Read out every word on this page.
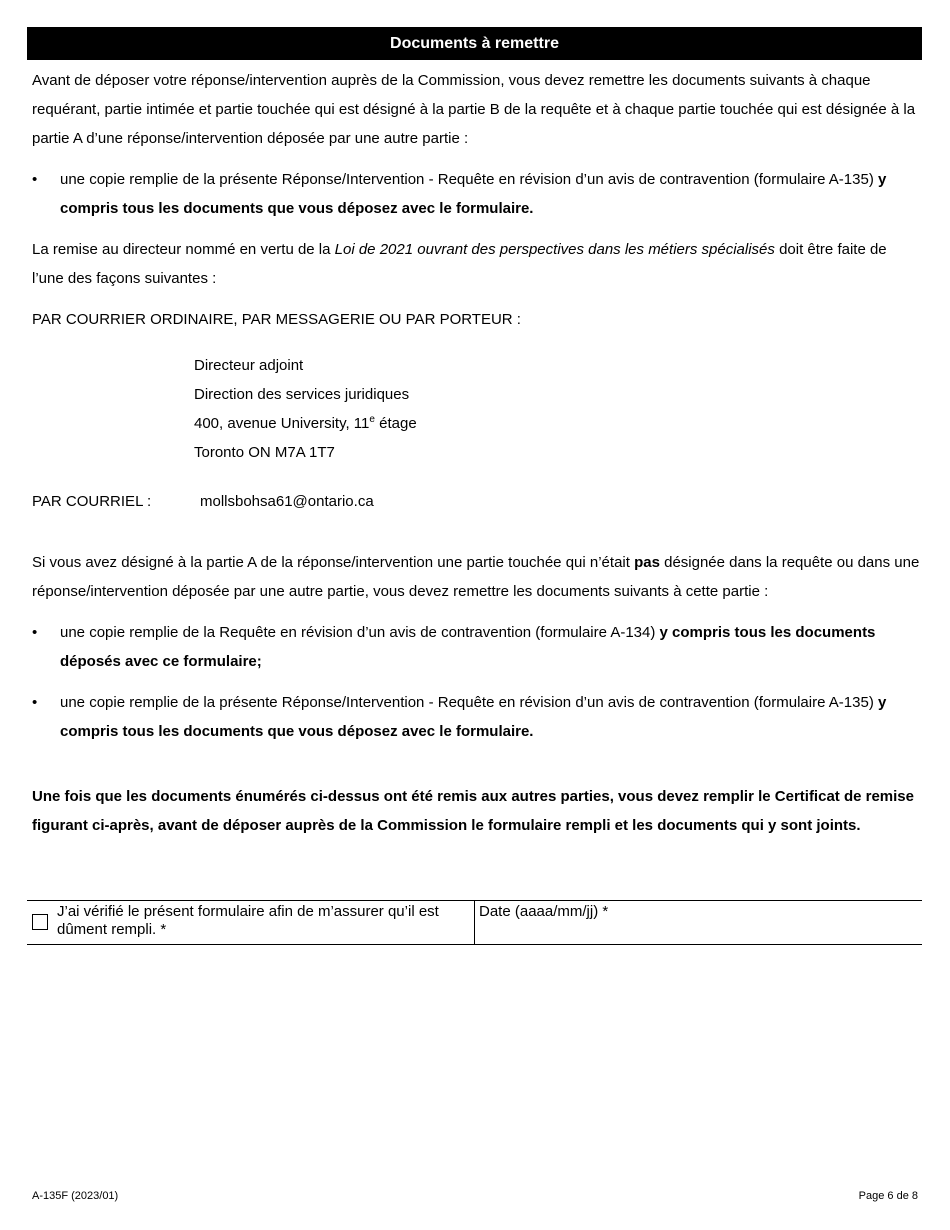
Documents à remettre

Avant de déposer votre réponse/intervention auprès de la Commission, vous devez remettre les documents suivants à chaque requérant, partie intimée et partie touchée qui est désigné à la partie B de la requête et à chaque partie touchée qui est désignée à la partie A d’une réponse/intervention déposée par une autre partie :

• une copie remplie de la présente Réponse/Intervention - Requête en révision d’un avis de contravention (formulaire A-135) y compris tous les documents que vous déposez avec le formulaire.

La remise au directeur nommé en vertu de la Loi de 2021 ouvrant des perspectives dans les métiers spécialisés doit être faite de l’une des façons suivantes :

PAR COURRIER ORDINAIRE, PAR MESSAGERIE OU PAR PORTEUR :

Directeur adjoint
Direction des services juridiques
400, avenue University, 11e étage
Toronto ON M7A 1T7
PAR COURRIEL :	mollsbohsa61@ontario.ca

Si vous avez désigné à la partie A de la réponse/intervention une partie touchée qui n’était pas désignée dans la requête ou dans une réponse/intervention déposée par une autre partie, vous devez remettre les documents suivants à cette partie :

• une copie remplie de la Requête en révision d’un avis de contravention (formulaire A-134) y compris tous les documents déposés avec ce formulaire;
• une copie remplie de la présente Réponse/Intervention - Requête en révision d’un avis de contravention (formulaire A-135) y compris tous les documents que vous déposez avec le formulaire.

Une fois que les documents énumérés ci-dessus ont été remis aux autres parties, vous devez remplir le Certificat de remise figurant ci-après, avant de déposer auprès de la Commission le formulaire rempli et les documents qui y sont joints.

J’ai vérifié le présent formulaire afin de m’assurer qu’il est dûment rempli. *
Date (aaaa/mm/jj) *
A-135F (2023/01)	Page 6 de 8
